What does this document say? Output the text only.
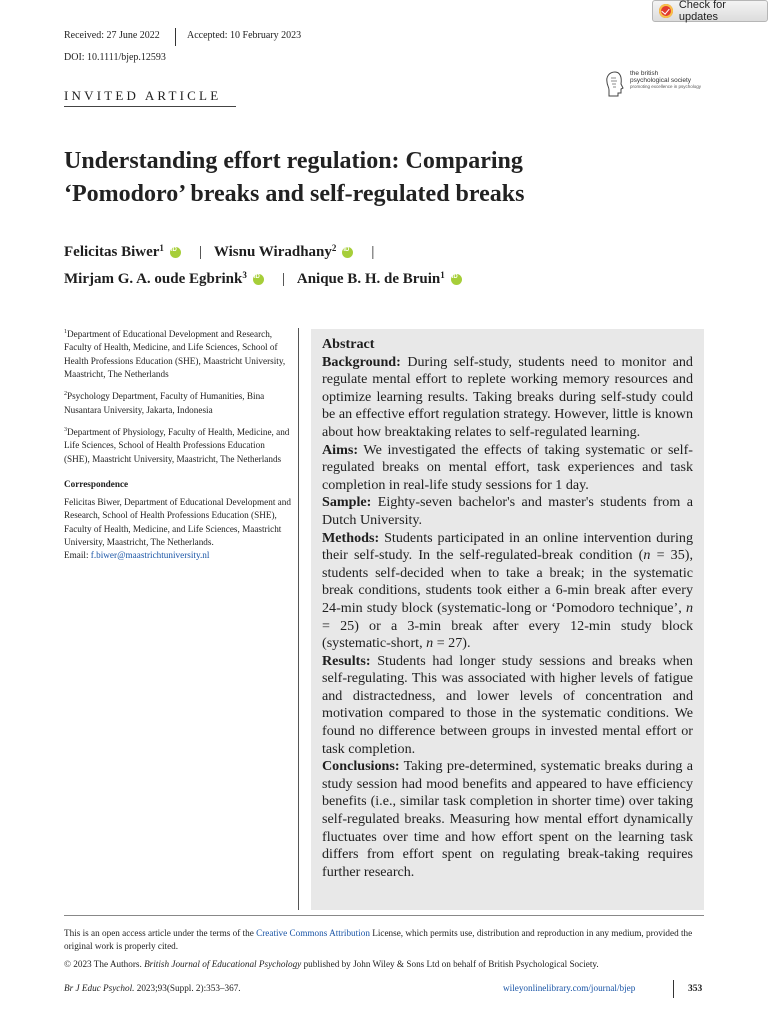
Received: 27 June 2022	Accepted: 10 February 2023
DOI: 10.1111/bjep.12593
Check for updates
the british
psychological society
promoting excellence in psychology
INVITED ARTICLE
Understanding effort regulation: Comparing
‘Pomodoro’ breaks and self-regulated breaks
Felicitas Biwer$^1$ iD | Wisnu Wiradhany$^2$ iD |
Mirjam G. A. oude Egbrink$^3$ iD | Anique B. H. de Bruin$^1$
iD
$^1$Department of Educational Development and Research, Faculty of Health, Medicine, and Life Sciences, School of Health Professions Education (SHE), Maastricht University, Maastricht, The Netherlands
$^2$Psychology Department, Faculty of Humanities, Bina Nusantara University, Jakarta, Indonesia
$^3$Department of Physiology, Faculty of Health, Medicine, and Life Sciences, School of Health Professions Education (SHE), Maastricht University, Maastricht, The Netherlands
Correspondence
Felicitas Biwer, Department of Educational Development and Research, School of Health Professions Education (SHE), Faculty of Health, Medicine, and Life Sciences, Maastricht University, Maastricht, The Netherlands.
Email: f.biwer@maastrichtuniversity.nl
Abstract
Background: During self-study, students need to monitor and regulate mental effort to replete working memory resources and optimize learning results. Taking breaks during self-study could be an effective effort regulation strategy. However, little is known about how breaktaking relates to self-regulated learning.
Aims: We investigated the effects of taking systematic or self-regulated breaks on mental effort, task experiences and task completion in real-life study sessions for 1 day.
Sample: Eighty-seven bachelor's and master's students from a Dutch University.
Methods: Students participated in an online intervention during their self-study. In the self-regulated-break condition (n = 35), students self-decided when to take a break; in the systematic break conditions, students took either a 6-min break after every 24-min study block (systematic-long or ‘Pomodoro technique’, n = 25) or a 3-min break after every 12-min study block (systematic-short, n = 27).
Results: Students had longer study sessions and breaks when self-regulating. This was associated with higher levels of fatigue and distractedness, and lower levels of concentration and motivation compared to those in the systematic conditions. We found no difference between groups in invested mental effort or task completion.
Conclusions: Taking pre-determined, systematic breaks during a study session had mood benefits and appeared to have efficiency benefits (i.e., similar task completion in shorter time) over taking self-regulated breaks. Measuring how mental effort dynamically fluctuates over time and how effort spent on the learning task differs from effort spent on regulating break-taking requires further research.
This is an open access article under the terms of the Creative Commons Attribution License, which permits use, distribution and reproduction in any medium, provided the original work is properly cited.
© 2023 The Authors. British Journal of Educational Psychology published by John Wiley & Sons Ltd on behalf of British Psychological Society.
Br J Educ Psychol. 2023;93(Suppl. 2):353–367.	wileyonlinelibrary.com/journal/bjep	353
